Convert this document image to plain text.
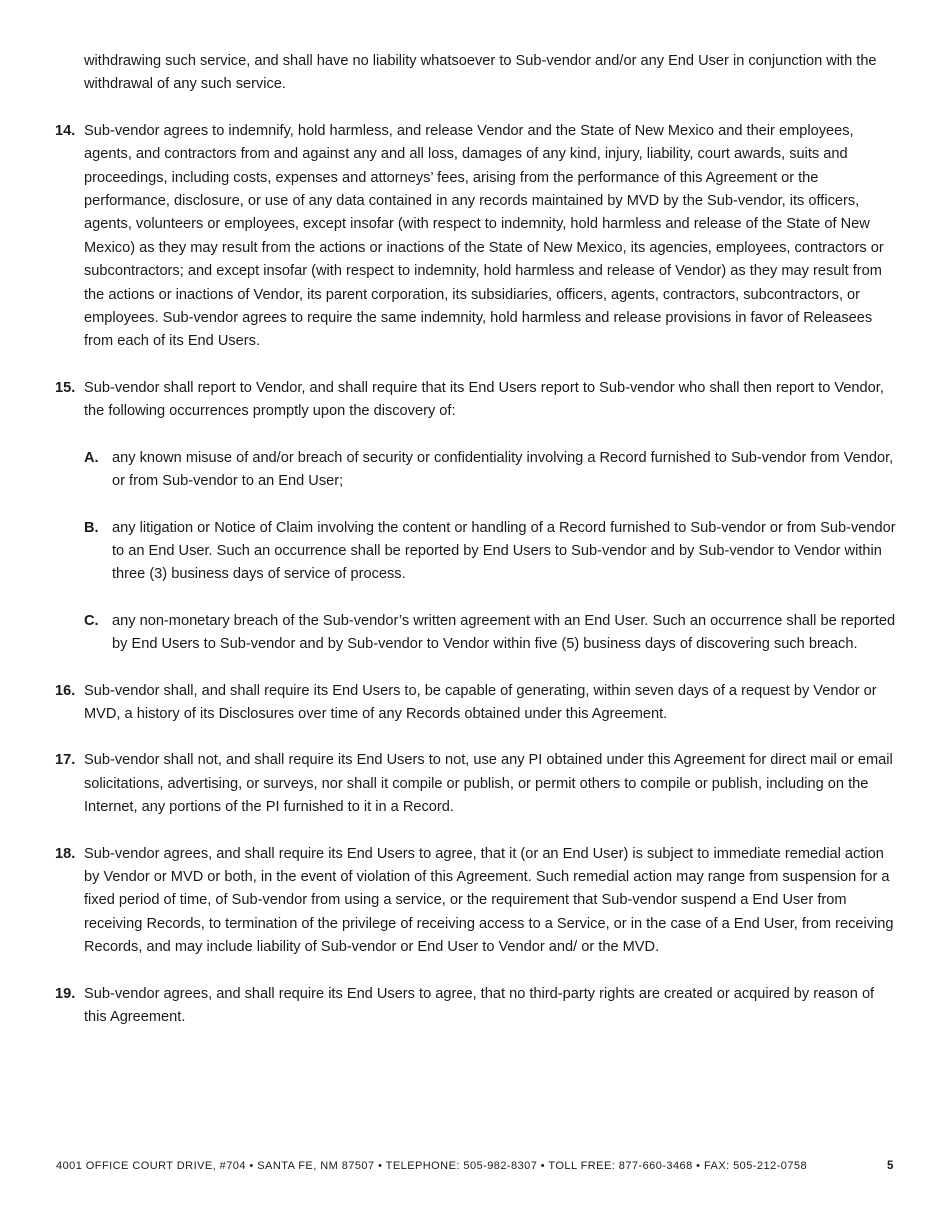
withdrawing such service, and shall have no liability whatsoever to Sub-vendor and/or any End User in conjunction with the withdrawal of any such service.

14. Sub-vendor agrees to indemnify, hold harmless, and release Vendor and the State of New Mexico and their employees, agents, and contractors from and against any and all loss, damages of any kind, injury, liability, court awards, suits and proceedings, including costs, expenses and attorneys’ fees, arising from the performance of this Agreement or the performance, disclosure, or use of any data contained in any records maintained by MVD by the Sub-vendor, its officers, agents, volunteers or employees, except insofar (with respect to indemnity, hold harmless and release of the State of New Mexico) as they may result from the actions or inactions of the State of New Mexico, its agencies, employees, contractors or subcontractors; and except insofar (with respect to indemnity, hold harmless and release of Vendor) as they may result from the actions or inactions of Vendor, its parent corporation, its subsidiaries, officers, agents, contractors, subcontractors, or employees. Sub-vendor agrees to require the same indemnity, hold harmless and release provisions in favor of Releasees from each of its End Users.

15. Sub-vendor shall report to Vendor, and shall require that its End Users report to Sub-vendor who shall then report to Vendor, the following occurrences promptly upon the discovery of:

A. any known misuse of and/or breach of security or confidentiality involving a Record furnished to Sub-vendor from Vendor, or from Sub-vendor to an End User;

B. any litigation or Notice of Claim involving the content or handling of a Record furnished to Sub-vendor or from Sub-vendor to an End User. Such an occurrence shall be reported by End Users to Sub-vendor and by Sub-vendor to Vendor within three (3) business days of service of process.

C. any non-monetary breach of the Sub-vendor’s written agreement with an End User. Such an occurrence shall be reported by End Users to Sub-vendor and by Sub-vendor to Vendor within five (5) business days of discovering such breach.

16. Sub-vendor shall, and shall require its End Users to, be capable of generating, within seven days of a request by Vendor or MVD, a history of its Disclosures over time of any Records obtained under this Agreement.

17. Sub-vendor shall not, and shall require its End Users to not, use any PI obtained under this Agreement for direct mail or email solicitations, advertising, or surveys, nor shall it compile or publish, or permit others to compile or publish, including on the Internet, any portions of the PI furnished to it in a Record.

18. Sub-vendor agrees, and shall require its End Users to agree, that it (or an End User) is subject to immediate remedial action by Vendor or MVD or both, in the event of violation of this Agreement. Such remedial action may range from suspension for a fixed period of time, of Sub-vendor from using a service, or the requirement that Sub-vendor suspend a End User from receiving Records, to termination of the privilege of receiving access to a Service, or in the case of a End User, from receiving Records, and may include liability of Sub-vendor or End User to Vendor and/ or the MVD.

19. Sub-vendor agrees, and shall require its End Users to agree, that no third-party rights are created or acquired by reason of this Agreement.

4001 OFFICE COURT DRIVE, #704 • SANTA FE, NM 87507 • TELEPHONE: 505-982-8307 • TOLL FREE: 877-660-3468 • FAX: 505-212-0758	5
